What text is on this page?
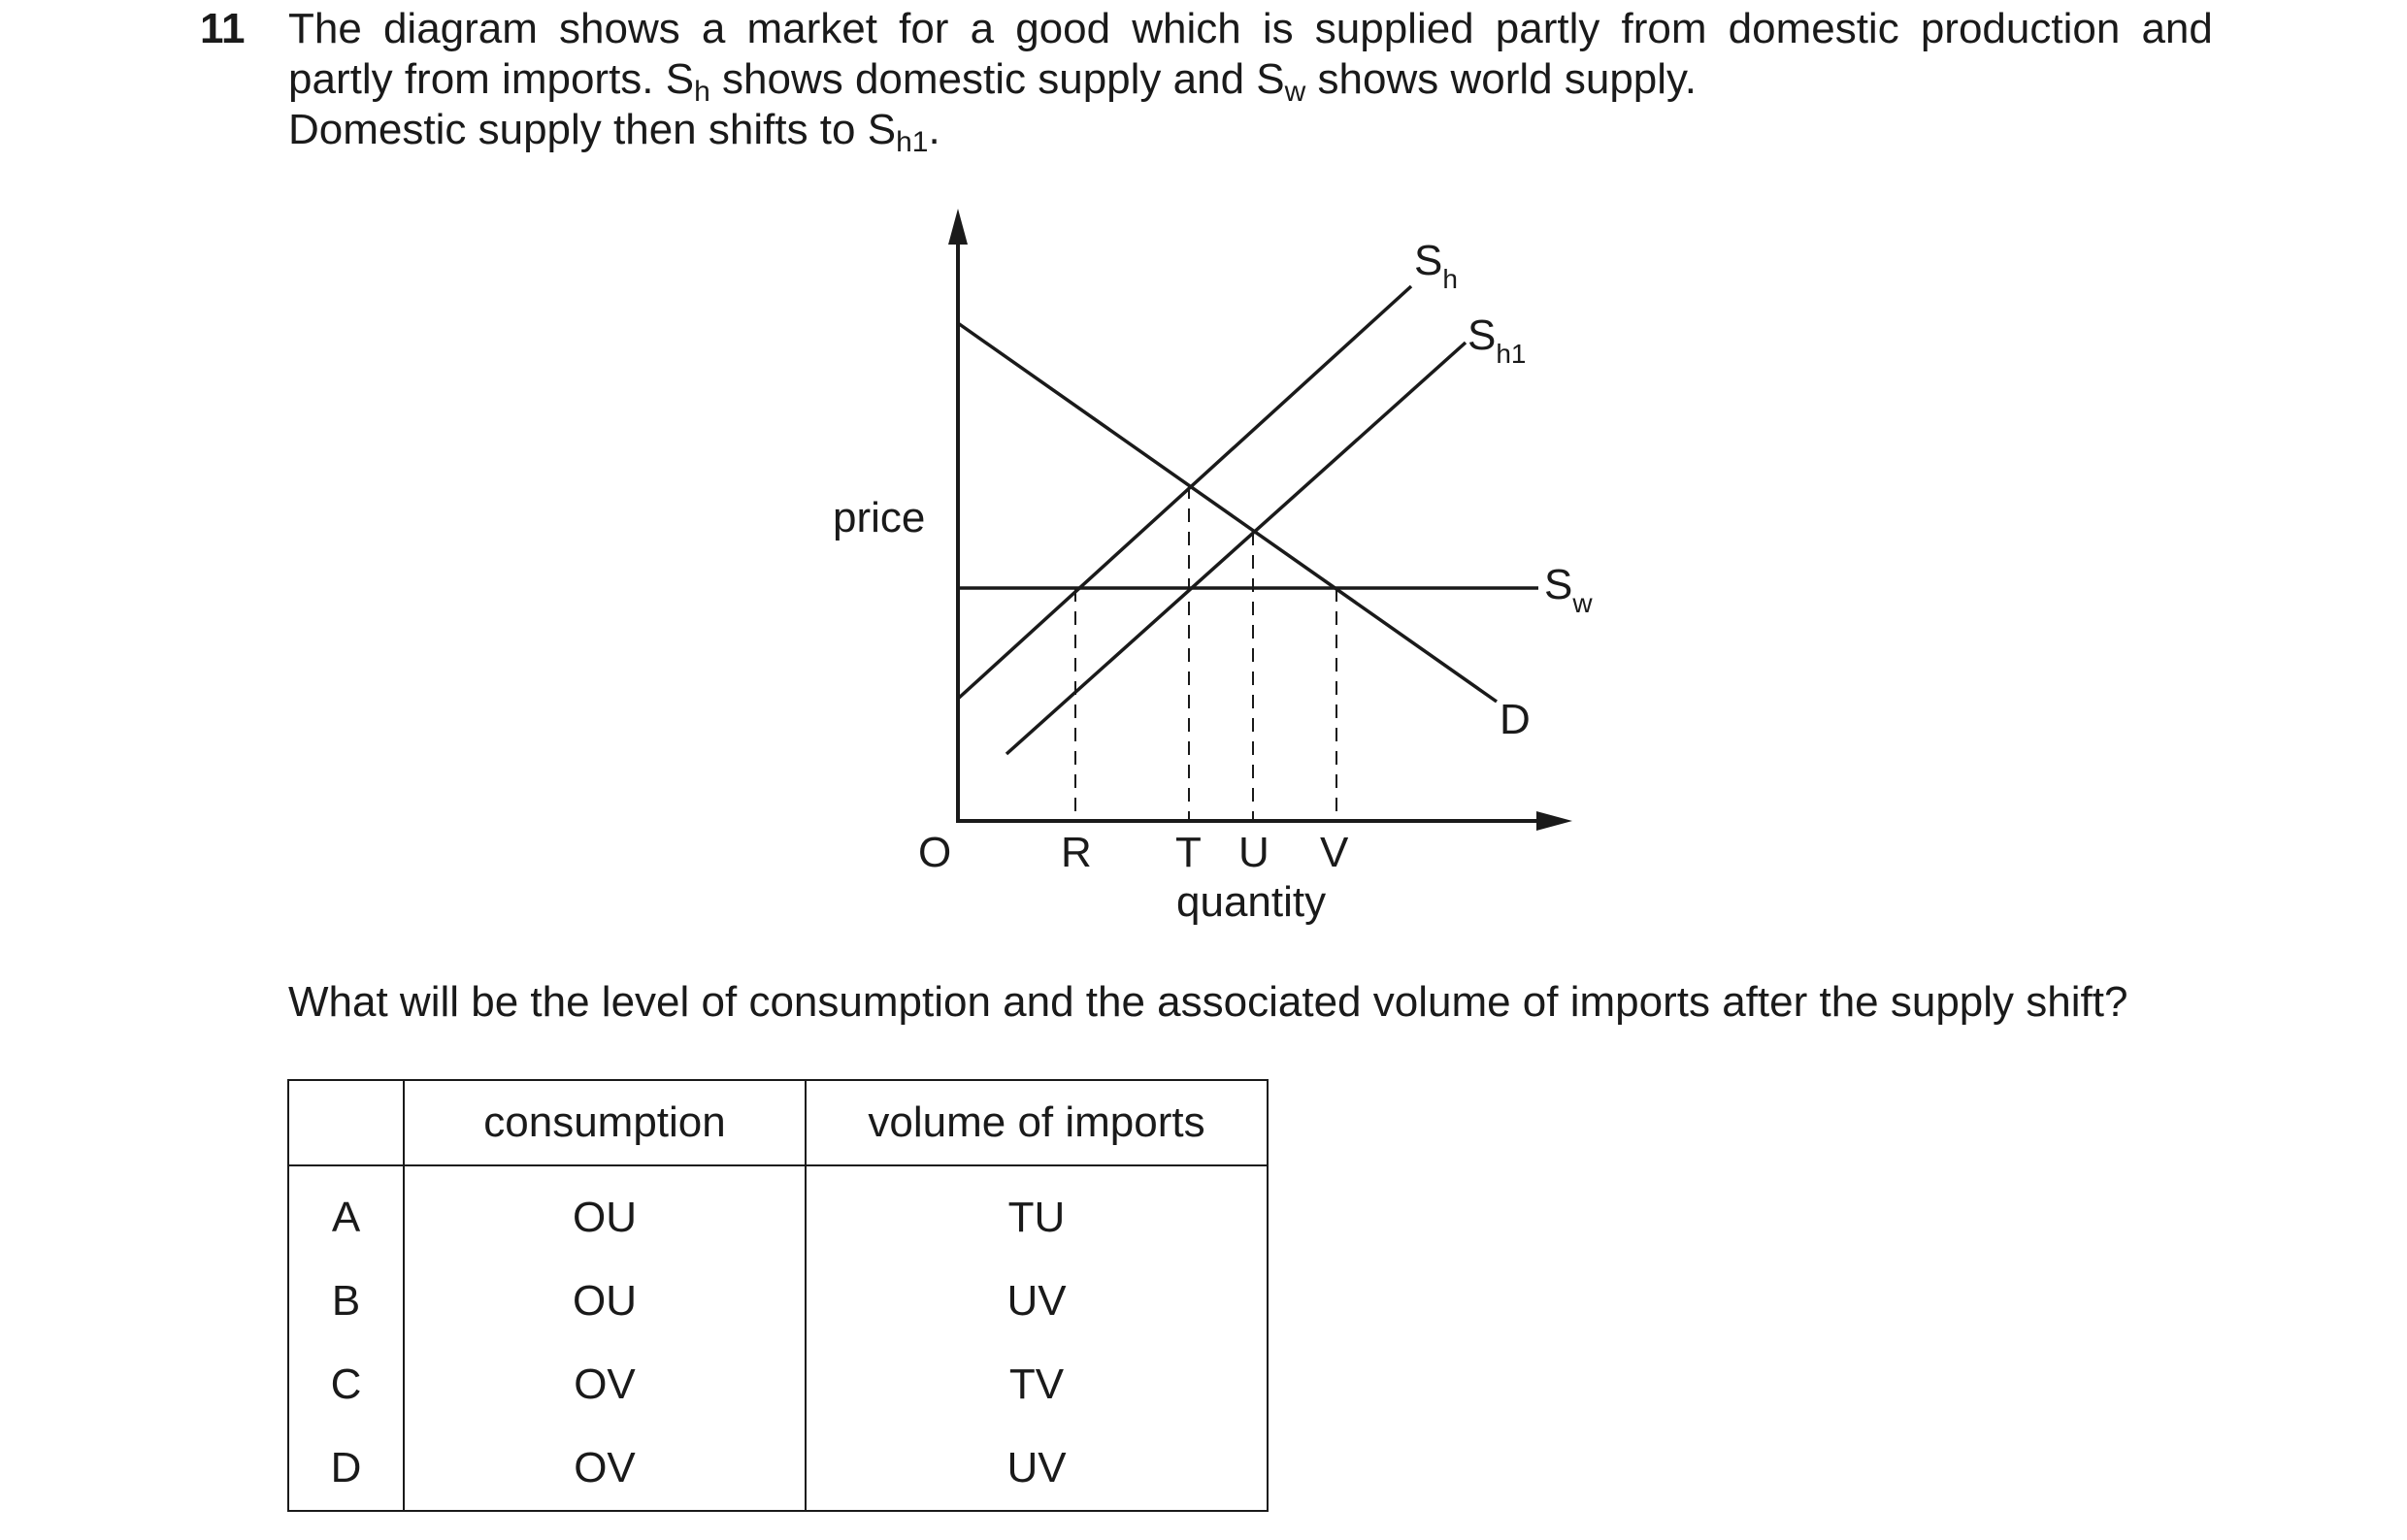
11 The diagram shows a market for a good which is supplied partly from domestic production and
partly from imports. $S_h$ shows domestic supply and $S_w$ shows world supply.
Domestic supply then shifts to $S_{h1}$.
price
quantity
O	R T U V
$S_h$
$S_{h1}$
$S_w$
D
What will be the level of consumption and the associated volume of imports after the supply shift?
	consumption	volume of imports
A	OU	TU
B	OU	UV
C	OV	TV
D	OV	UV
